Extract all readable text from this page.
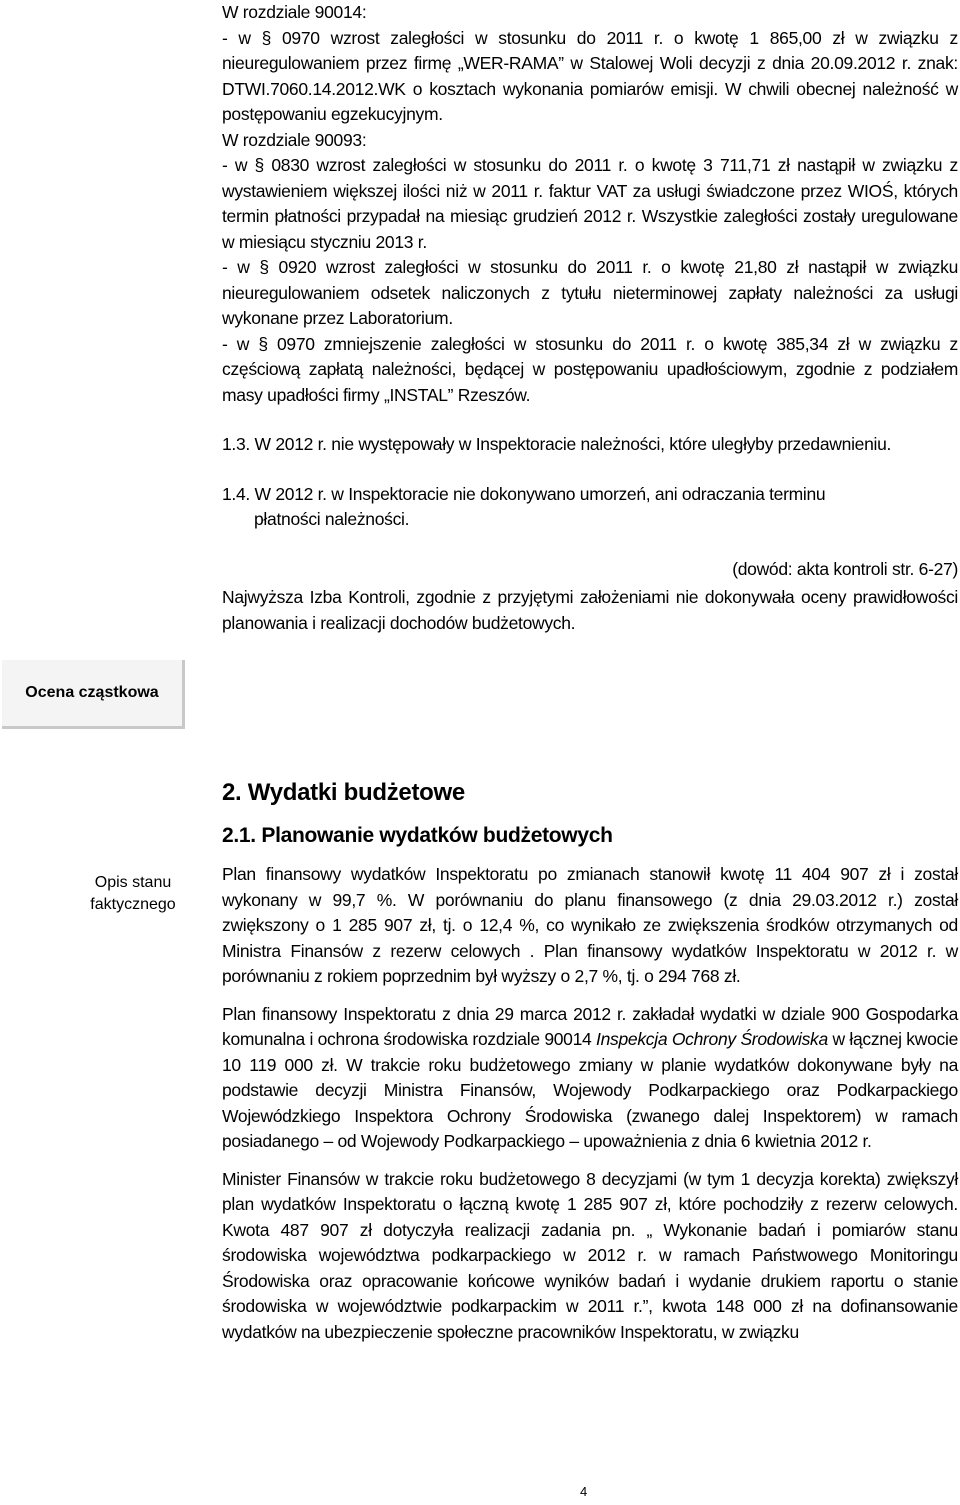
W rozdziale 90014:

- w § 0970 wzrost zaległości w stosunku do 2011 r. o kwotę 1 865,00 zł w związku z nieuregulowaniem przez firmę „WER-RAMA” w Stalowej Woli decyzji z dnia 20.09.2012 r. znak: DTWI.7060.14.2012.WK o kosztach wykonania pomiarów emisji. W chwili obecnej należność w postępowaniu egzekucyjnym.

W rozdziale 90093:

- w § 0830 wzrost zaległości w stosunku do 2011 r. o kwotę 3 711,71 zł nastąpił w związku z wystawieniem większej ilości niż w 2011 r. faktur VAT za usługi świadczone przez WIOŚ, których termin płatności przypadał na miesiąc grudzień 2012 r. Wszystkie zaległości zostały uregulowane w miesiącu styczniu 2013 r.

- w § 0920 wzrost zaległości w stosunku do 2011 r. o kwotę 21,80 zł nastąpił w związku nieuregulowaniem odsetek naliczonych z tytułu nieterminowej zapłaty należności za usługi wykonane przez Laboratorium.

- w § 0970 zmniejszenie zaległości w stosunku do 2011 r. o kwotę 385,34 zł w związku z częściową zapłatą należności, będącej w postępowaniu upadłościowym, zgodnie z podziałem masy upadłości firmy „INSTAL” Rzeszów.

1.3. W 2012 r. nie występowały w Inspektoracie należności, które uległyby przedawnieniu.

1.4. W 2012 r. w Inspektoracie nie dokonywano umorzeń, ani odraczania terminu

płatności należności.

(dowód: akta kontroli str. 6-27)

Najwyższa Izba Kontroli, zgodnie z przyjętymi założeniami nie dokonywała oceny prawidłowości planowania i realizacji dochodów budżetowych.

Ocena cząstkowa
Opis stanu
faktycznego

2. Wydatki budżetowe

2.1. Planowanie wydatków budżetowych

Plan finansowy wydatków Inspektoratu po zmianach stanowił kwotę 11 404 907 zł i został wykonany w 99,7 %. W porównaniu do planu finansowego (z dnia 29.03.2012 r.) został zwiększony o 1 285 907 zł, tj. o 12,4 %, co wynikało ze zwiększenia środków otrzymanych od Ministra Finansów z rezerw celowych . Plan finansowy wydatków Inspektoratu w 2012 r. w porównaniu z rokiem poprzednim był wyższy o 2,7 %, tj. o 294 768 zł.

Plan finansowy Inspektoratu z dnia 29 marca 2012 r. zakładał wydatki w dziale 900 Gospodarka komunalna i ochrona środowiska rozdziale 90014 Inspekcja Ochrony Środowiska w łącznej kwocie 10 119 000 zł. W trakcie roku budżetowego zmiany w planie wydatków dokonywane były na podstawie decyzji Ministra Finansów, Wojewody Podkarpackiego oraz Podkarpackiego Wojewódzkiego Inspektora Ochrony Środowiska (zwanego dalej Inspektorem) w ramach posiadanego – od Wojewody Podkarpackiego – upoważnienia z dnia 6 kwietnia 2012 r.

Minister Finansów w trakcie roku budżetowego 8 decyzjami (w tym 1 decyzja korekta) zwiększył plan wydatków Inspektoratu o łączną kwotę 1 285 907 zł, które pochodziły z rezerw celowych. Kwota 487 907 zł dotyczyła realizacji zadania pn. „ Wykonanie badań i pomiarów stanu środowiska województwa podkarpackiego w 2012 r. w ramach Państwowego Monitoringu Środowiska oraz opracowanie końcowe wyników badań i wydanie drukiem raportu o stanie środowiska w województwie podkarpackim w 2011 r.”, kwota 148 000 zł na dofinansowanie wydatków na ubezpieczenie społeczne pracowników Inspektoratu, w związku

4
